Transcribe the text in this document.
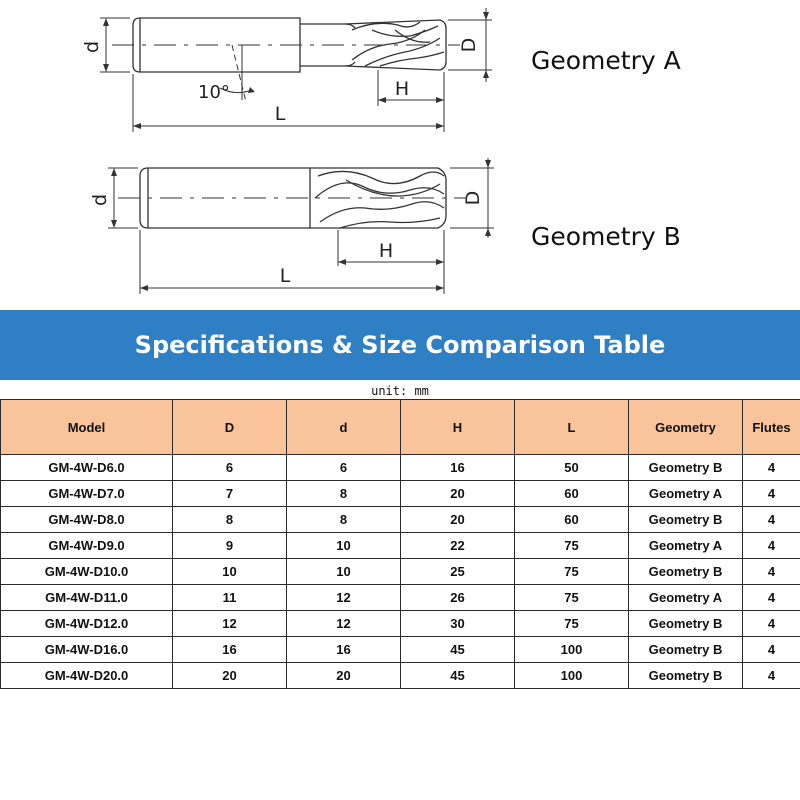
d	D
10°	H
L
d	D
H
L
Geometry A
Geometry B
Specifications & Size Comparison Table
unit: mm
Model	D	d	H	L	Geometry	Flutes
GM-4W-D6.0	6	6	16	50	Geometry B	4
GM-4W-D7.0	7	8	20	60	Geometry A	4
GM-4W-D8.0	8	8	20	60	Geometry B	4
GM-4W-D9.0	9	10	22	75	Geometry A	4
GM-4W-D10.0	10	10	25	75	Geometry B	4
GM-4W-D11.0	11	12	26	75	Geometry A	4
GM-4W-D12.0	12	12	30	75	Geometry B	4
GM-4W-D16.0	16	16	45	100	Geometry B	4
GM-4W-D20.0	20	20	45	100	Geometry B	4
